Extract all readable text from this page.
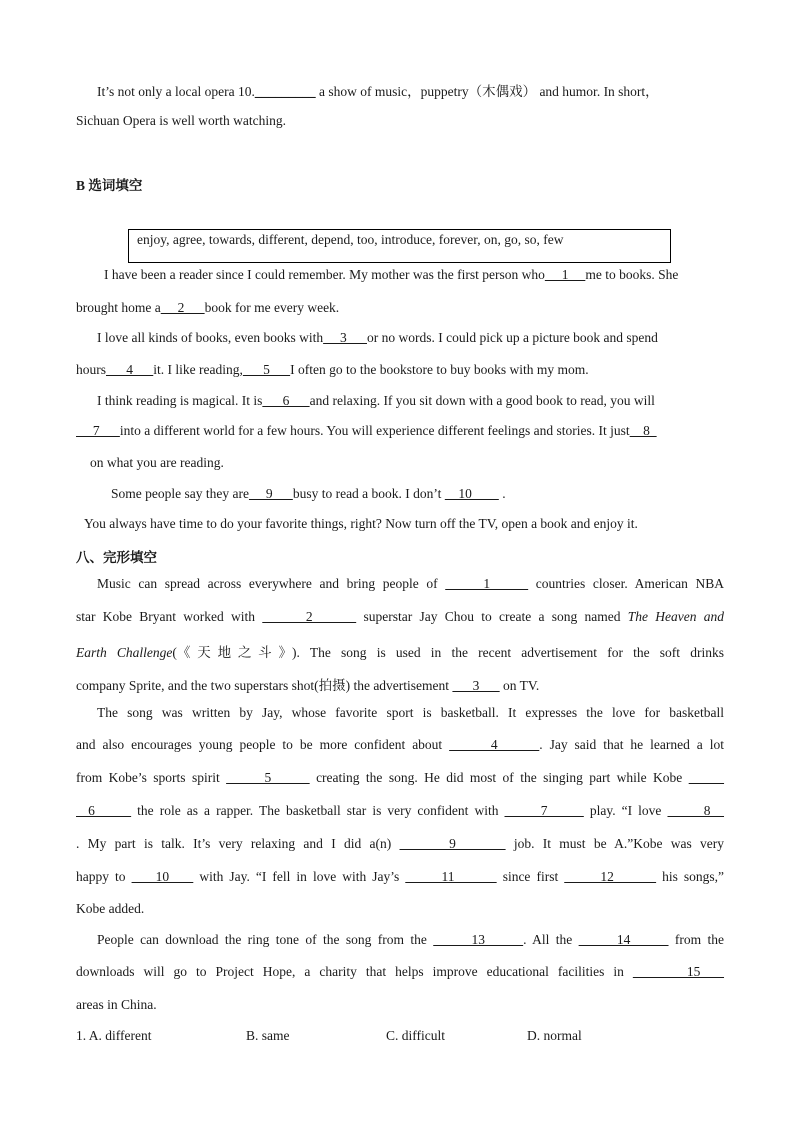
It’s not only a local opera 10._________ a show of music，puppetry（木偶戏） and humor. In short，
Sichuan Opera is well worth watching.
B 选词填空
enjoy, agree, towards, different, depend, too, introduce, forever, on, go, so, few
I have been a reader since I could remember. My mother was the first person who     1     me to books. She
brought home a     2      book for me every week.
I love all kinds of books, even books with     3      or no words. I could pick up a picture book and spend
hours      4      it. I like reading,      5      I often go to the bookstore to buy books with my mom.
I think reading is magical. It is      6      and relaxing. If you sit down with a good book to read, you will
7      into a different world for a few hours. You will experience different feelings and stories. It just    8
on what you are reading.
Some people say they are     9      busy to read a book. I don’t     10         .
You always have time to do your favorite things, right? Now turn off the TV, open a book and enjoy it.
八、完形填空
Music can spread across everywhere and bring people of      1      countries closer. American NBA
star Kobe Bryant worked with       2       superstar Jay Chou to create a song named The Heaven and
Earth Challenge(《天地之斗》). The song is used in the recent advertisement for the soft drinks
company Sprite, and the two superstars shot(拍摄) the advertisement       3       on TV.
The song was written by Jay, whose favorite sport is basketball. It expresses the love for basketball
and also encourages young people to be more confident about       4      . Jay said that he learned a lot
from Kobe’s sports spirit       5       creating the song. He did most of the singing part while Kobe
6       the role as a rapper. The basketball star is very confident with       7       play. “I love       8
. My part is talk. It’s very relaxing and I did a(n)       9       job. It must be A.”Kobe was very
happy to     10     with Jay. “I fell in love with Jay’s       11        since first       12        his songs,”
Kobe added.
People can download the ring tone of the song from the       13      . All the       14       from the
downloads will go to Project Hope, a charity that helps improve educational facilities in       15
areas in China.
1. A. different	B. same	C. difficult	D. normal
